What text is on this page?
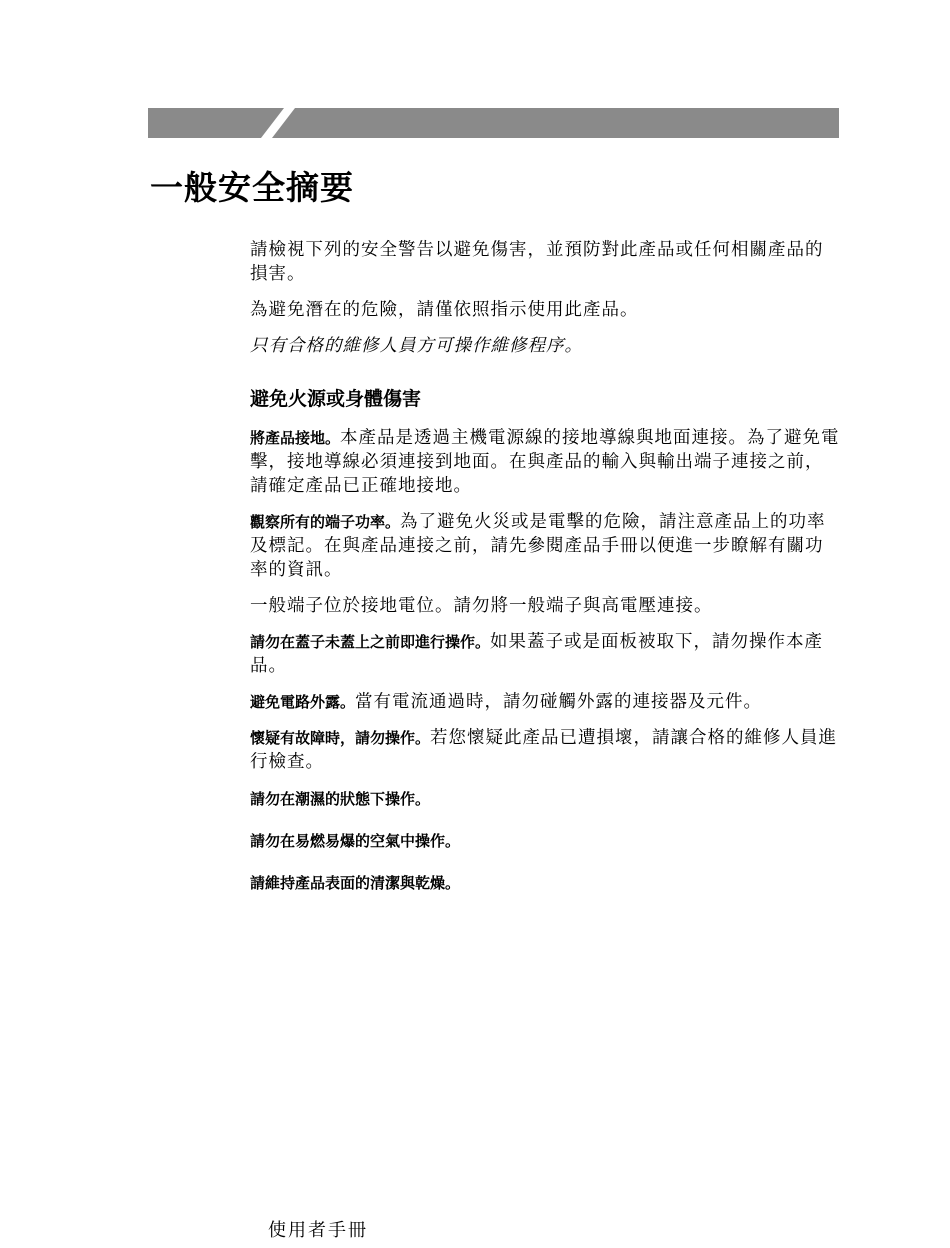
一般安全摘要

請檢視下列的安全警告以避免傷害，並預防對此產品或任何相關產品的損害。

為避免潛在的危險，請僅依照指示使用此產品。

只有合格的維修人員方可操作維修程序。

避免火源或身體傷害

將產品接地。本產品是透過主機電源線的接地導線與地面連接。為了避免電擊，接地導線必須連接到地面。在與產品的輸入與輸出端子連接之前，請確定產品已正確地接地。

觀察所有的端子功率。為了避免火災或是電擊的危險，請注意產品上的功率及標記。在與產品連接之前，請先參閱產品手冊以便進一步瞭解有關功率的資訊。

一般端子位於接地電位。請勿將一般端子與高電壓連接。

請勿在蓋子未蓋上之前即進行操作。如果蓋子或是面板被取下，請勿操作本產品。

避免電路外露。當有電流通過時，請勿碰觸外露的連接器及元件。

懷疑有故障時，請勿操作。若您懷疑此產品已遭損壞，請讓合格的維修人員進行檢查。

請勿在潮濕的狀態下操作。

請勿在易燃易爆的空氣中操作。

請維持產品表面的清潔與乾燥。

使用者手冊
